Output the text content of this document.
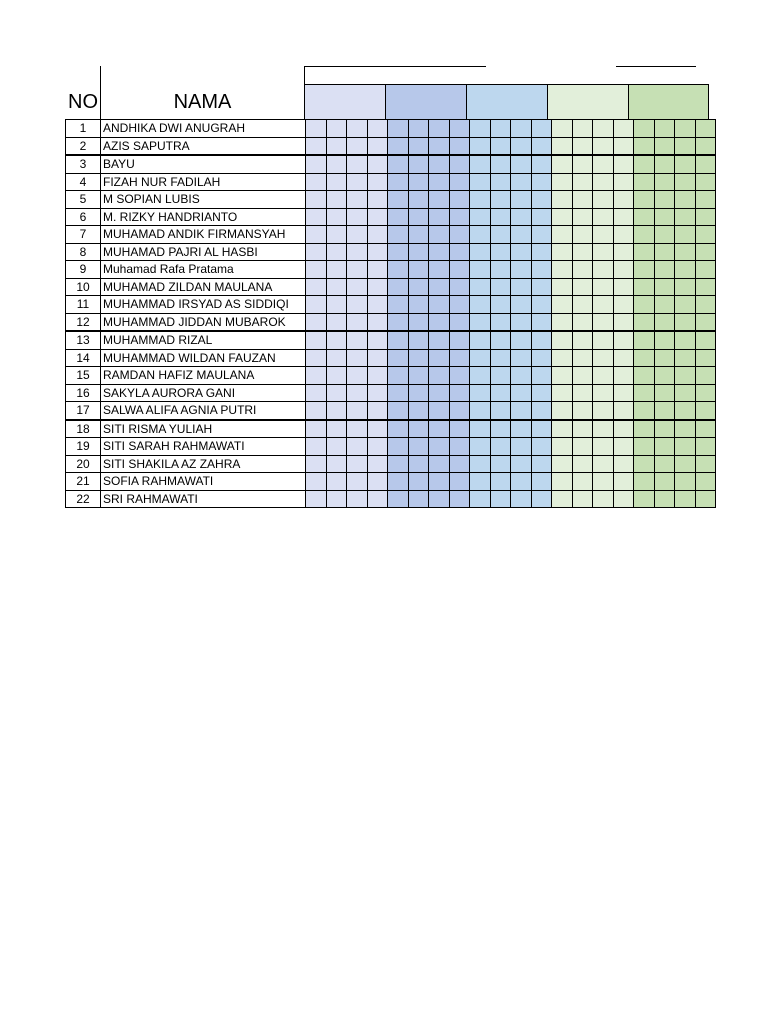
NO	NAMA
1	ANDHIKA DWI ANUGRAH																				
2	AZIS SAPUTRA																				
3	BAYU																				
4	FIZAH NUR FADILAH																				
5	M SOPIAN LUBIS																				
6	M. RIZKY HANDRIANTO																				
7	MUHAMAD ANDIK FIRMANSYAH																				
8	MUHAMAD PAJRI AL HASBI																				
9	Muhamad Rafa Pratama																				
10	MUHAMAD ZILDAN MAULANA																				
11	MUHAMMAD IRSYAD AS SIDDIQI																				
12	MUHAMMAD JIDDAN MUBAROK																				
13	MUHAMMAD RIZAL																				
14	MUHAMMAD WILDAN FAUZAN																				
15	RAMDAN HAFIZ MAULANA																				
16	SAKYLA AURORA GANI																				
17	SALWA ALIFA AGNIA PUTRI																				
18	SITI RISMA YULIAH																				
19	SITI SARAH RAHMAWATI																				
20	SITI SHAKILA AZ ZAHRA																				
21	SOFIA RAHMAWATI																				
22	SRI RAHMAWATI																				
